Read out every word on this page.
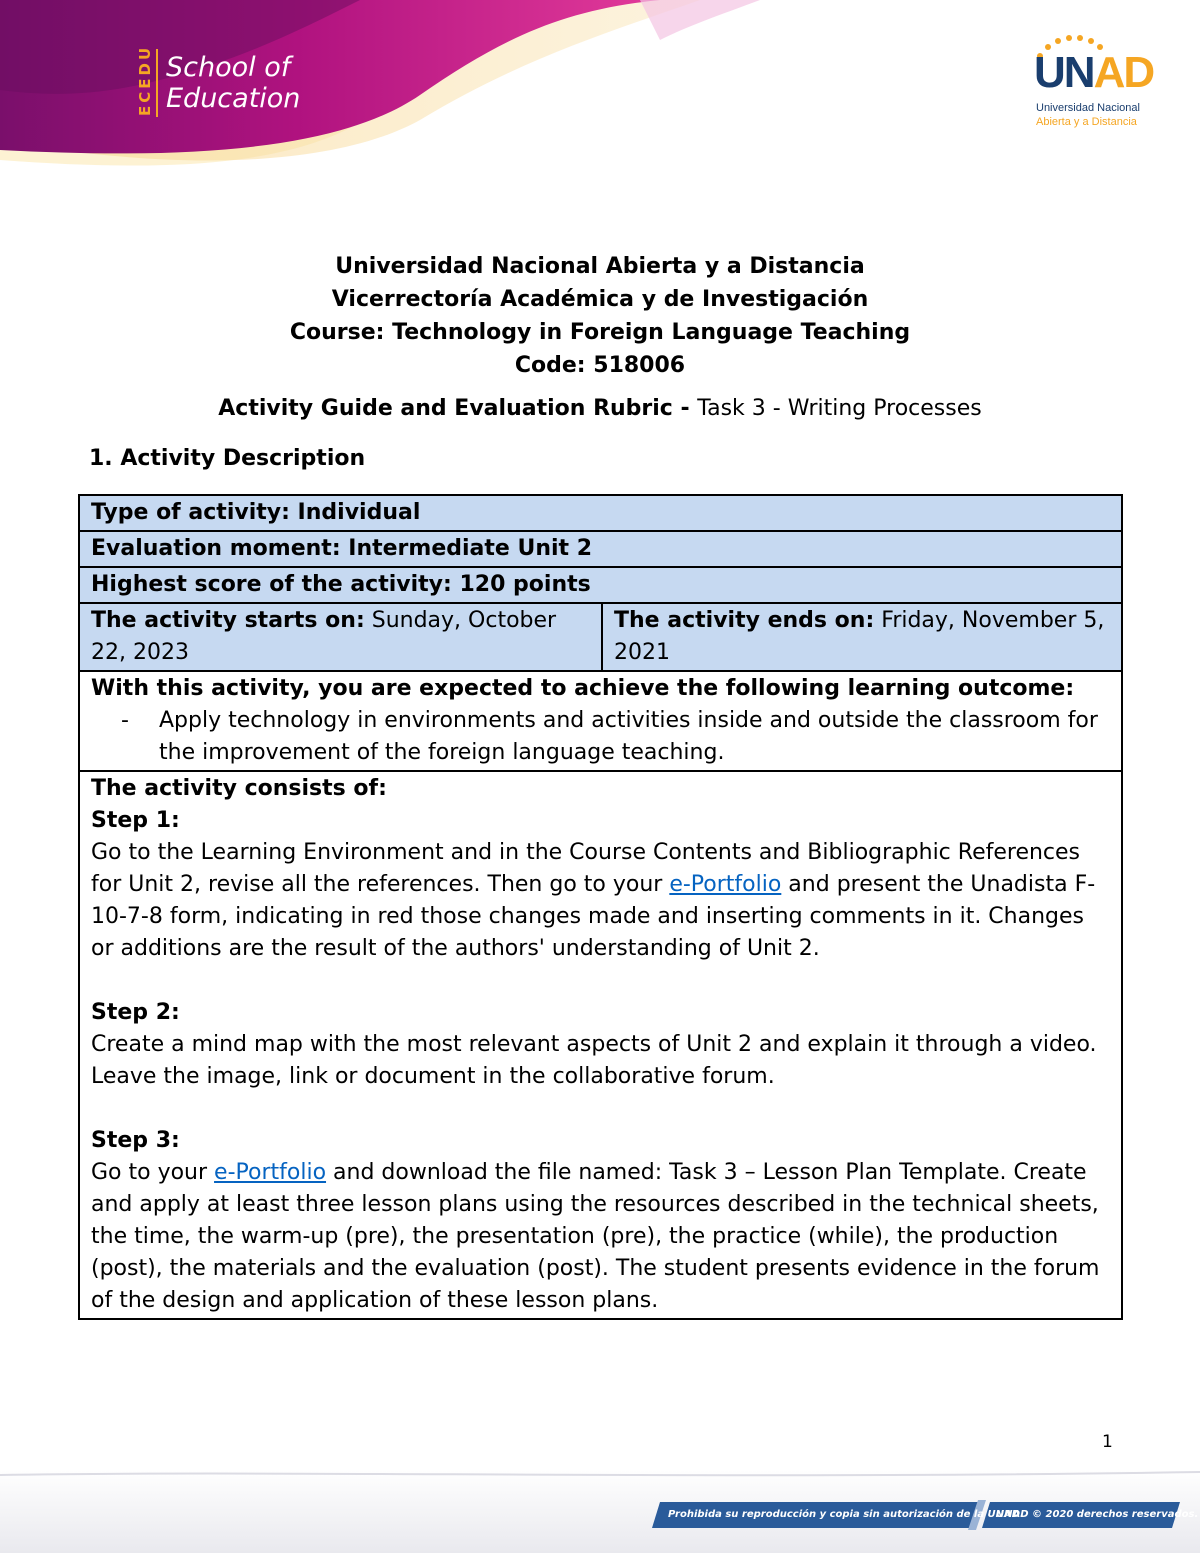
ECEDU School of
Education
UNAD
Universidad Nacional
Abierta y a Distancia
Universidad Nacional Abierta y a Distancia
Vicerrectoría Académica y de Investigación
Course: Technology in Foreign Language Teaching
Code: 518006
Activity Guide and Evaluation Rubric - Task 3 - Writing Processes
1. Activity Description
Type of activity: Individual
Evaluation moment: Intermediate Unit 2
Highest score of the activity: 120 points
The activity starts on: Sunday, October 22, 2023	The activity ends on: Friday, November 5, 2021
With this activity, you are expected to achieve the following learning outcome:
-	Apply technology in environments and activities inside and outside the classroom for the improvement of the foreign language teaching.

The activity consists of:
Step 1:
Go to the Learning Environment and in the Course Contents and Bibliographic References for Unit 2, revise all the references. Then go to your e-Portfolio and present the Unadista F-10-7-8 form, indicating in red those changes made and inserting comments in it. Changes or additions are the result of the authors' understanding of Unit 2.
Step 2:
Create a mind map with the most relevant aspects of Unit 2 and explain it through a video. Leave the image, link or document in the collaborative forum.
Step 3:
Go to your e-Portfolio and download the file named: Task 3 – Lesson Plan Template. Create and apply at least three lesson plans using the resources described in the technical sheets, the time, the warm-up (pre), the presentation (pre), the practice (while), the production (post), the materials and the evaluation (post). The student presents evidence in the forum of the design and application of these lesson plans.
1
Prohibida su reproducción y copia sin autorización de la UNAD.
UNAD © 2020 derechos reservados.
